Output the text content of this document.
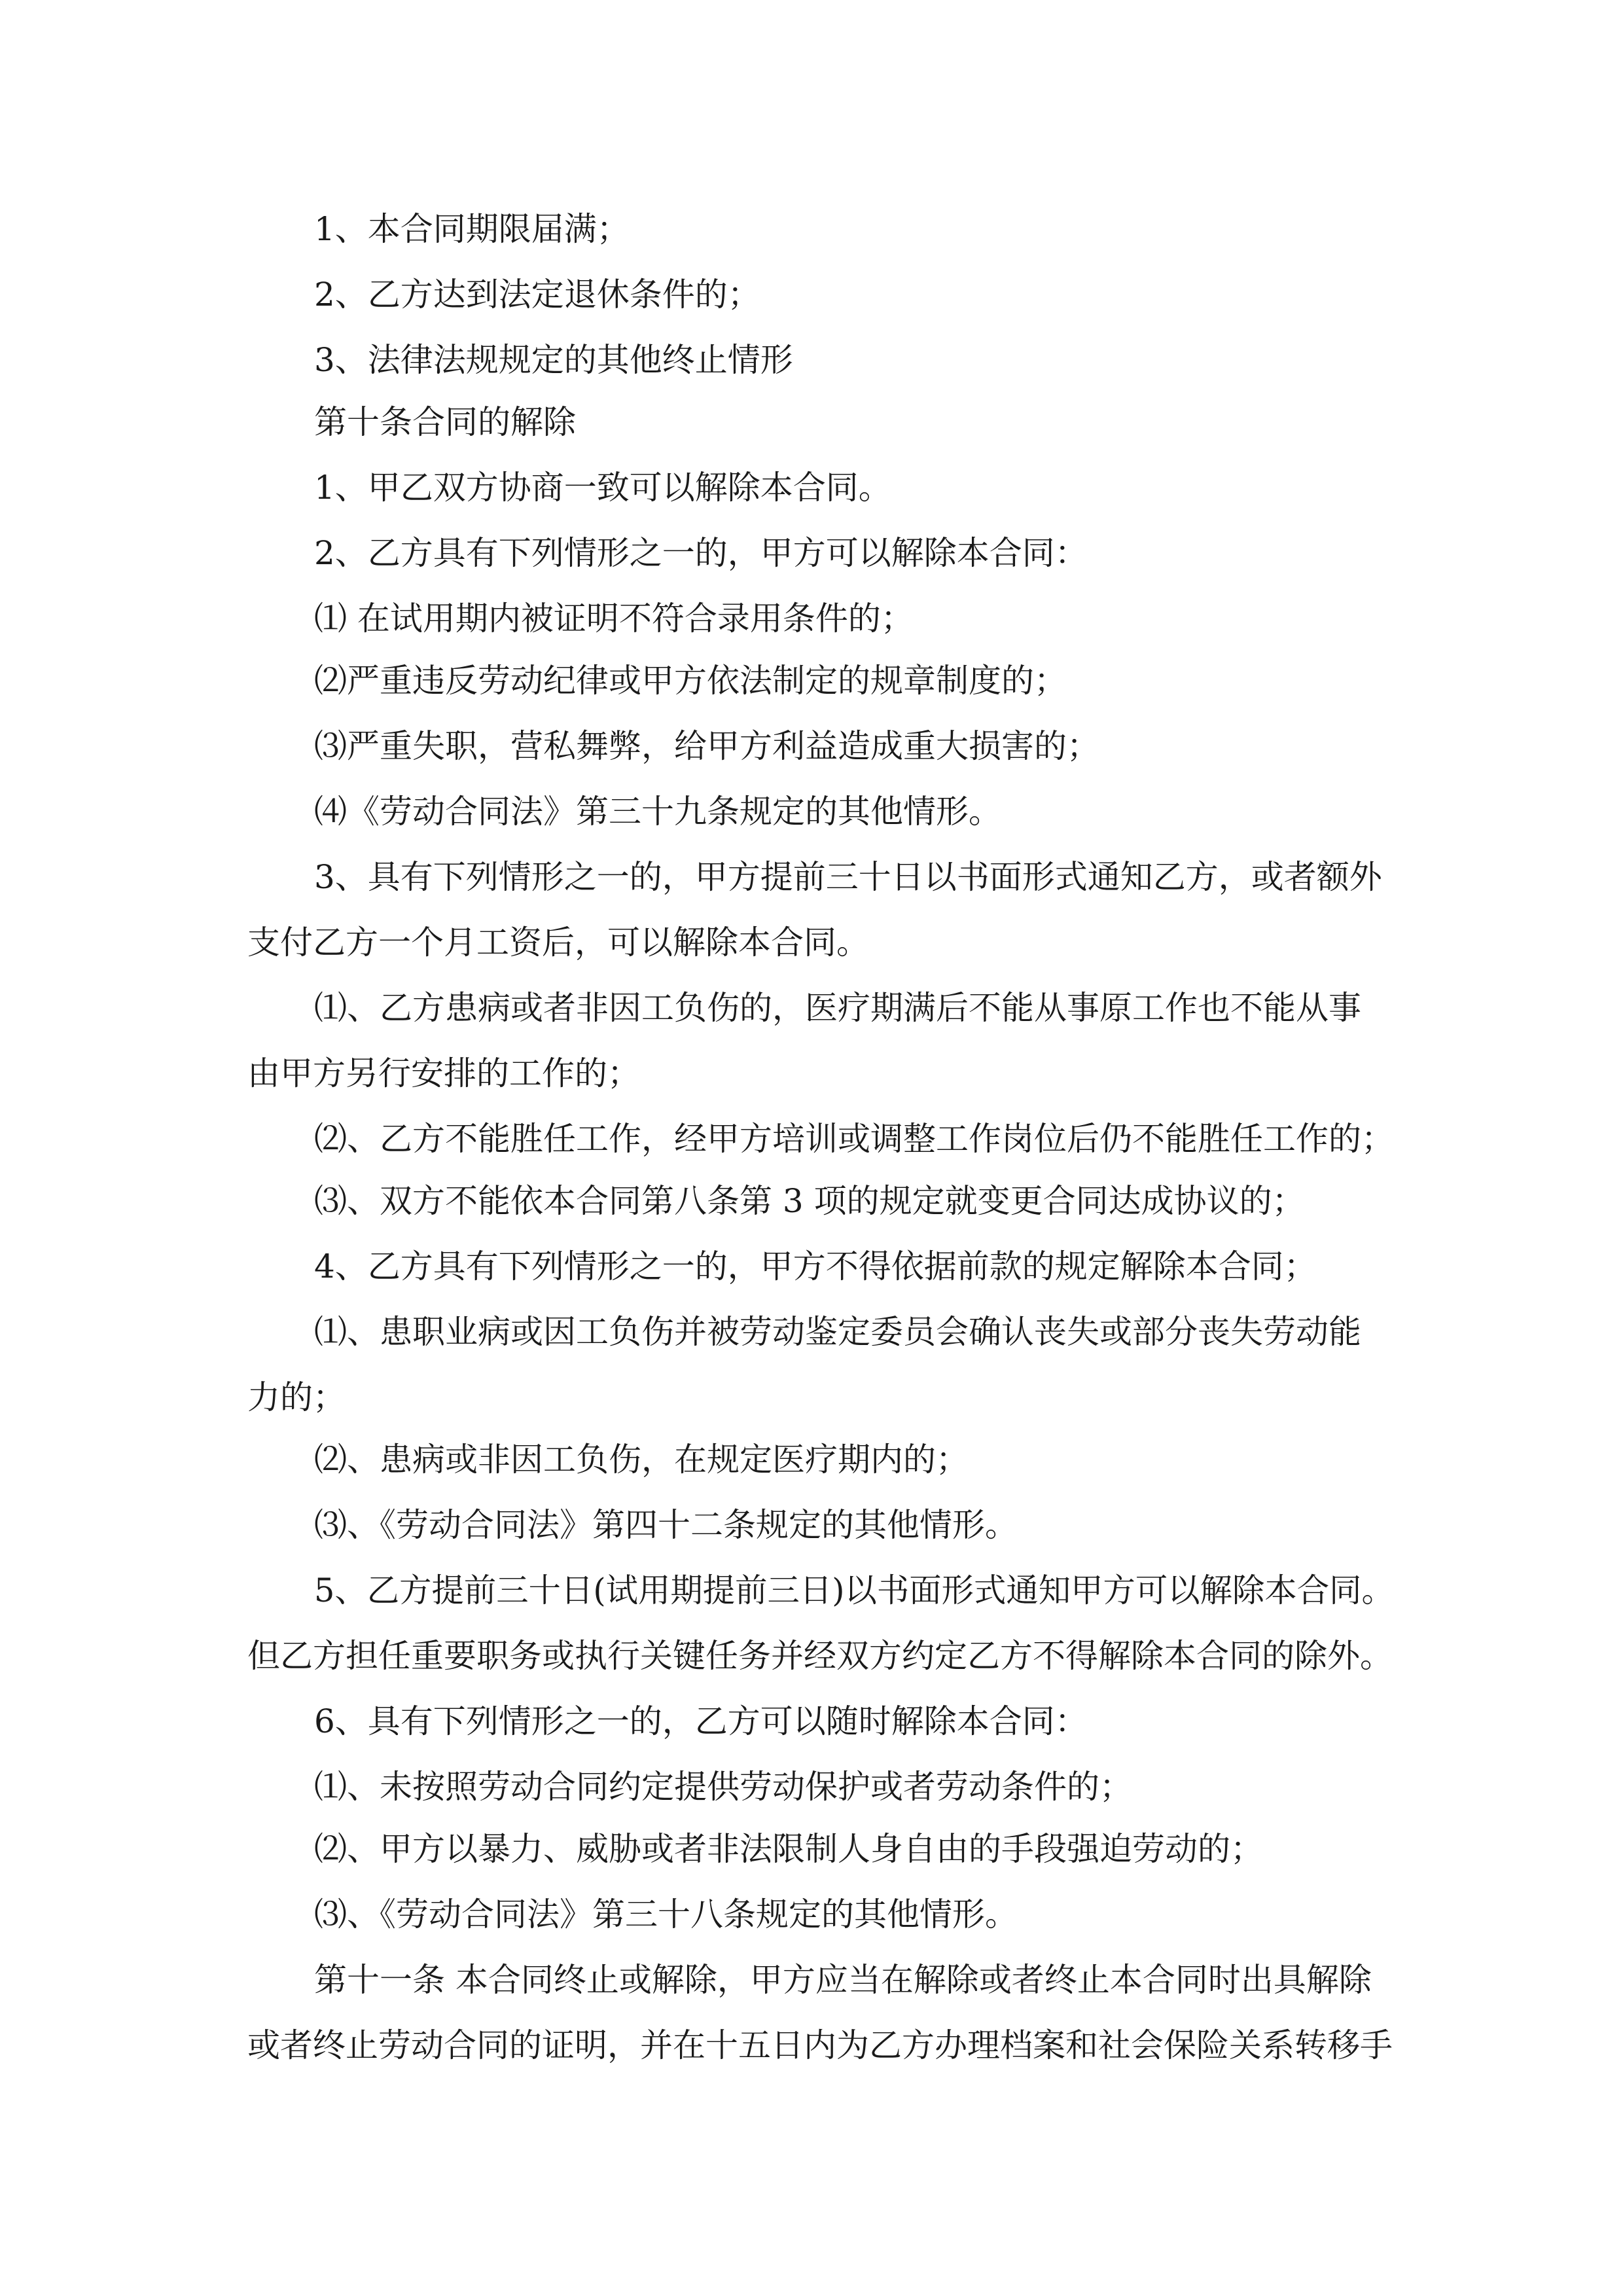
1、本合同期限届满；
2、乙方达到法定退休条件的；
3、法律法规规定的其他终止情形
第十条合同的解除
1、甲乙双方协商一致可以解除本合同。
2、乙方具有下列情形之一的，甲方可以解除本合同：
⑴ 在试用期内被证明不符合录用条件的；
⑵严重违反劳动纪律或甲方依法制定的规章制度的；
⑶严重失职，营私舞弊，给甲方利益造成重大损害的；
⑷《劳动合同法》第三十九条规定的其他情形。
3、具有下列情形之一的，甲方提前三十日以书面形式通知乙方，或者额外
支付乙方一个月工资后，可以解除本合同。
⑴、乙方患病或者非因工负伤的，医疗期满后不能从事原工作也不能从事
由甲方另行安排的工作的；
⑵、乙方不能胜任工作，经甲方培训或调整工作岗位后仍不能胜任工作的；
⑶、双方不能依本合同第八条第 3 项的规定就变更合同达成协议的；
4、乙方具有下列情形之一的，甲方不得依据前款的规定解除本合同；
⑴、患职业病或因工负伤并被劳动鉴定委员会确认丧失或部分丧失劳动能
力的；
⑵、患病或非因工负伤，在规定医疗期内的；
⑶、《劳动合同法》第四十二条规定的其他情形。
5、乙方提前三十日(试用期提前三日)以书面形式通知甲方可以解除本合同。
但乙方担任重要职务或执行关键任务并经双方约定乙方不得解除本合同的除外。
6、具有下列情形之一的，乙方可以随时解除本合同：
⑴、未按照劳动合同约定提供劳动保护或者劳动条件的；
⑵、甲方以暴力、威胁或者非法限制人身自由的手段强迫劳动的；
⑶、《劳动合同法》第三十八条规定的其他情形。
第十一条 本合同终止或解除，甲方应当在解除或者终止本合同时出具解除
或者终止劳动合同的证明，并在十五日内为乙方办理档案和社会保险关系转移手
